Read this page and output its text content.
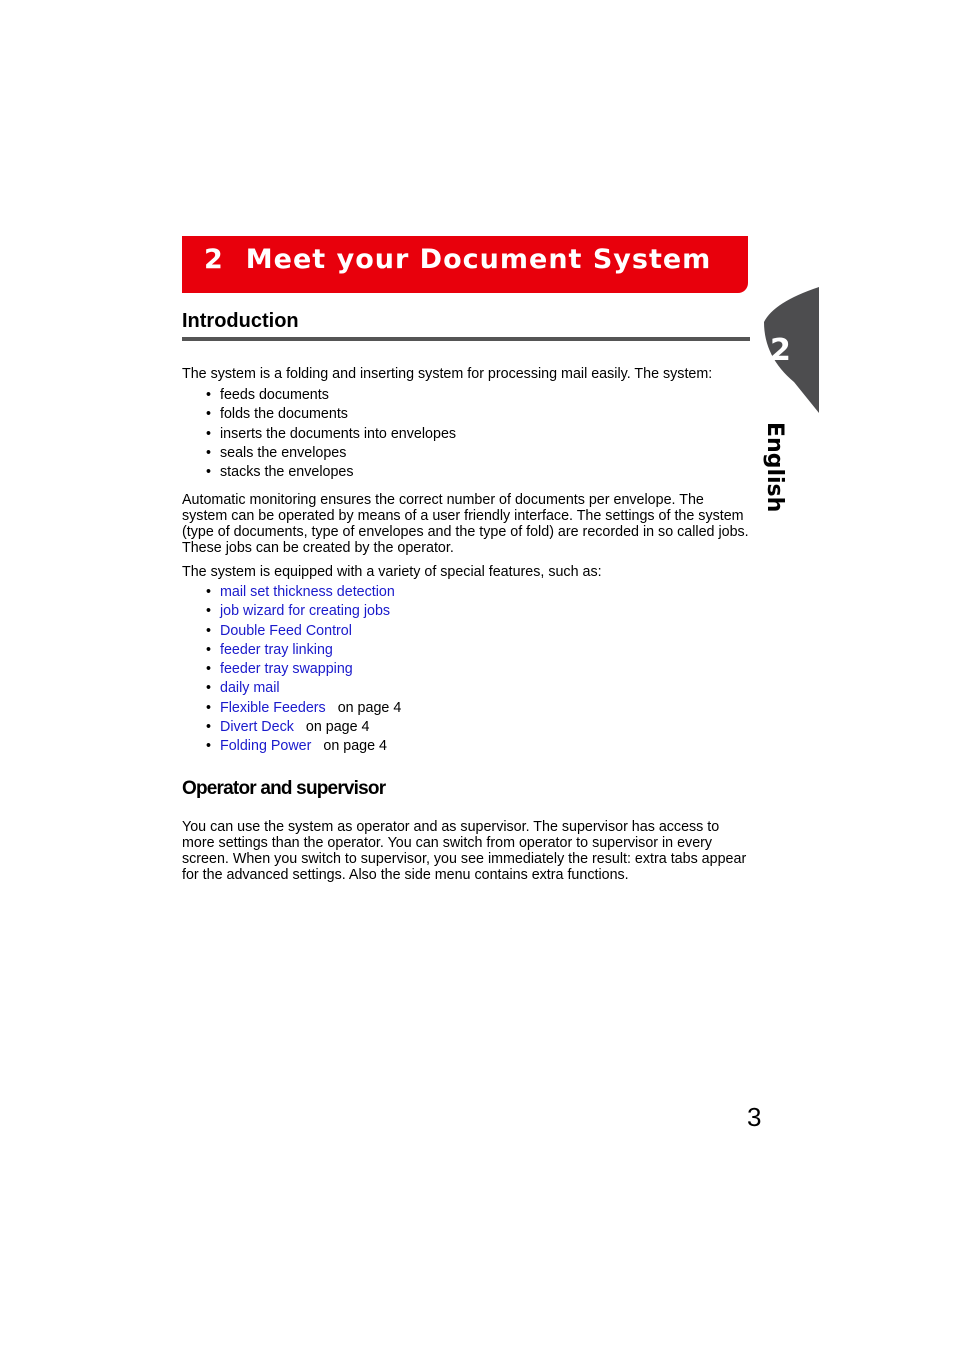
2 Meet your Document System
2
English
Introduction

The system is a folding and inserting system for processing mail easily. The system:

• feeds documents
• folds the documents
• inserts the documents into envelopes
• seals the envelopes
• stacks the envelopes

Automatic monitoring ensures the correct number of documents per envelope. The system can be operated by means of a user friendly interface. The settings of the system (type of documents, type of envelopes and the type of fold) are recorded in so called jobs. These jobs can be created by the operator.

The system is equipped with a variety of special features, such as:

• mail set thickness detection
• job wizard for creating jobs
• Double Feed Control
• feeder tray linking
• feeder tray swapping
• daily mail
• Flexible Feeders on page 4
• Divert Deck on page 4
• Folding Power on page 4
Operator and supervisor

You can use the system as operator and as supervisor. The supervisor has access to more settings than the operator. You can switch from operator to supervisor in every screen. When you switch to supervisor, you see immediately the result: extra tabs appear for the advanced settings. Also the side menu contains extra functions.

3
